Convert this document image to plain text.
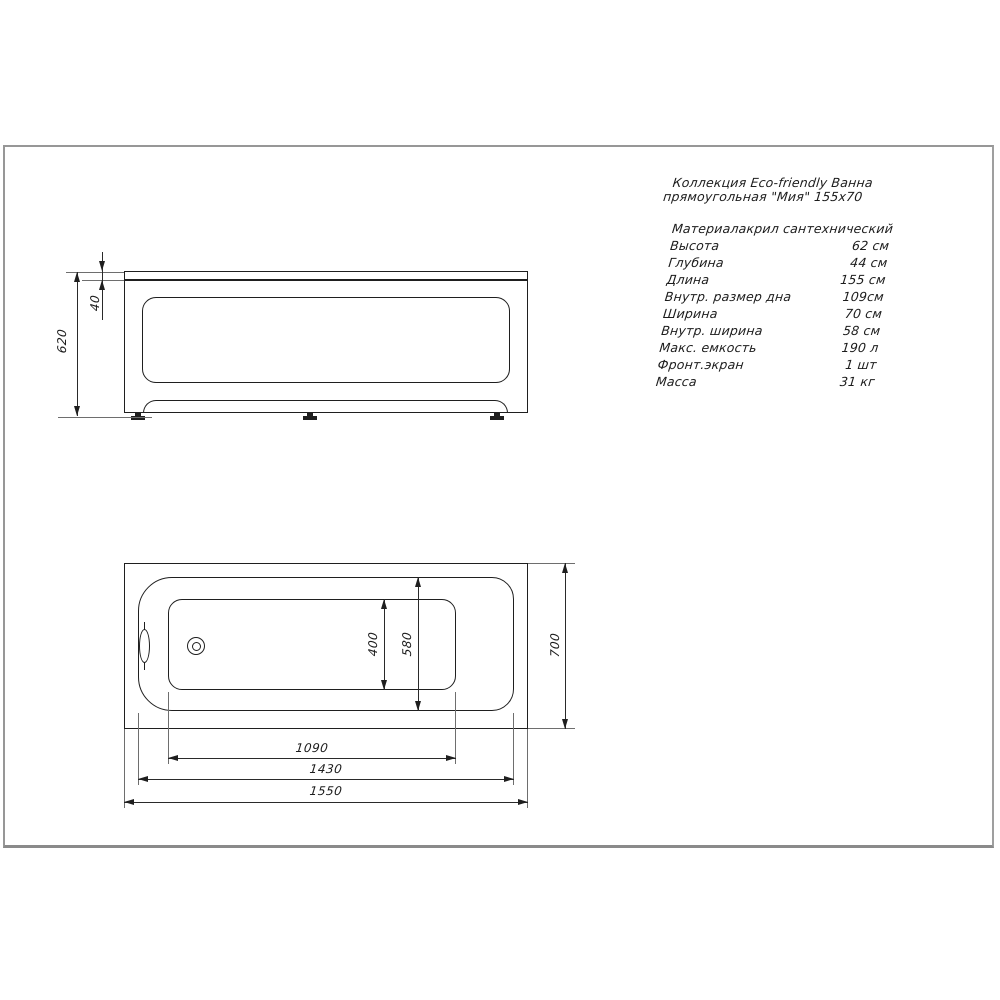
620
40
400 580	700
1090
1430
1550
Коллекция Eco-friendly Ванна
прямоугольная "Мия" 155x70
Материал
акрил сантехнический
Высота	62 см
Глубина	44 см
Длина	155 см
Внутр. размер дна	109см
Ширина	70 см
Внутр. ширина	58 см
Макс. емкость	190 л
Фронт.экран	1 шт
Масса	31 кг
